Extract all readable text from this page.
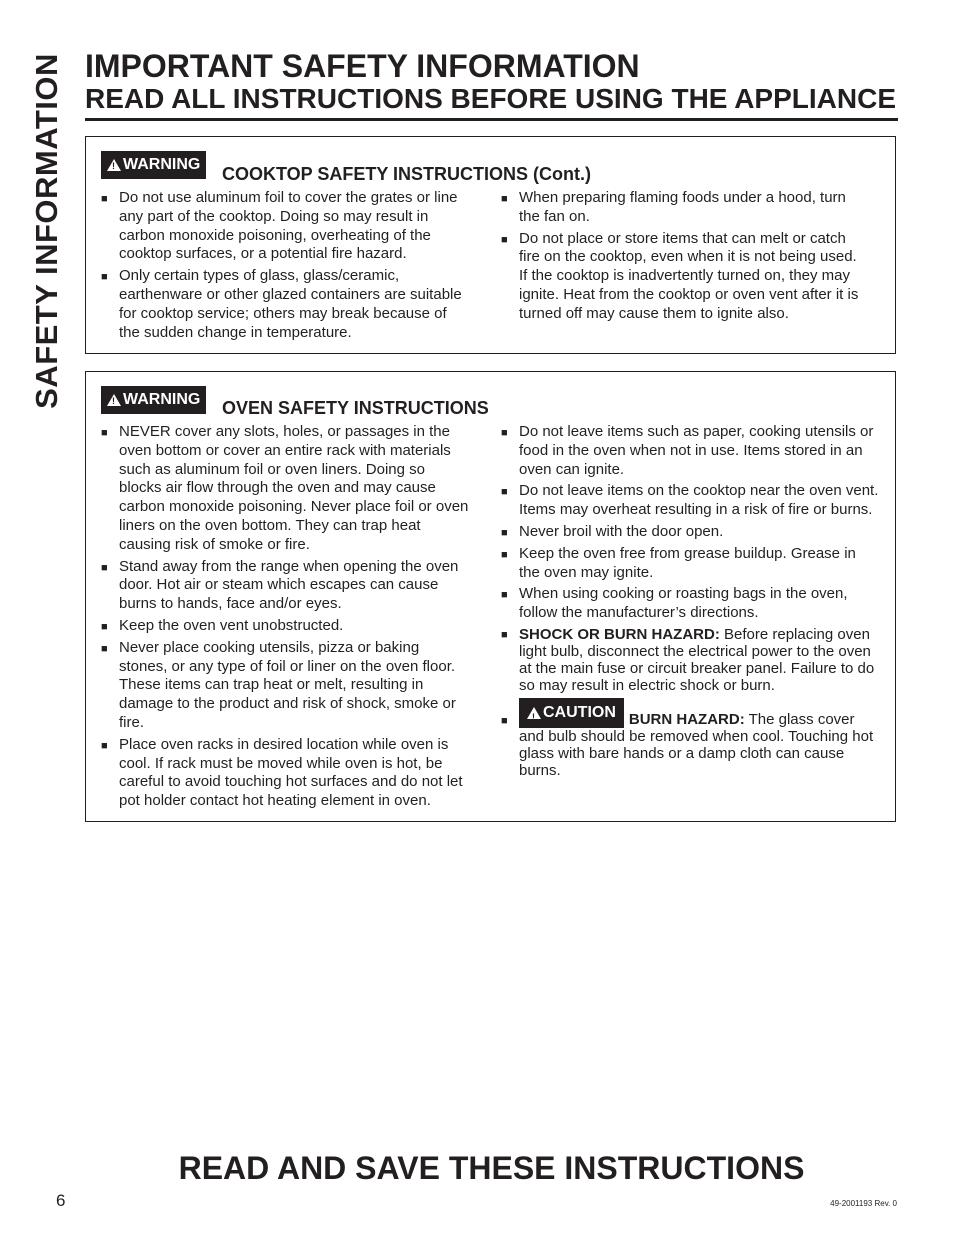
SAFETY INFORMATION IMPORTANT SAFETY INFORMATION
READ ALL INSTRUCTIONS BEFORE USING THE APPLIANCE
!
WARNING COOKTOP SAFETY INSTRUCTIONS (Cont.)
■ Do not use aluminum foil to cover the grates or line any part of the cooktop. Doing so may result in carbon monoxide poisoning, overheating of the cooktop surfaces, or a potential fire hazard.
■ Only certain types of glass, glass/ceramic, earthenware or other glazed containers are suitable for cooktop service; others may break because of the sudden change in temperature.
■ When preparing flaming foods under a hood, turn the fan on.
■ Do not place or store items that can melt or catch fire on the cooktop, even when it is not being used. If the cooktop is inadvertently turned on, they may ignite. Heat from the cooktop or oven vent after it is turned off may cause them to ignite also.
!
WARNING OVEN SAFETY INSTRUCTIONS
■ NEVER cover any slots, holes, or passages in the oven bottom or cover an entire rack with materials such as aluminum foil or oven liners. Doing so blocks air flow through the oven and may cause carbon monoxide poisoning. Never place foil or oven liners on the oven bottom. They can trap heat causing risk of smoke or fire.
■ Stand away from the range when opening the oven door. Hot air or steam which escapes can cause burns to hands, face and/or eyes.
■ Keep the oven vent unobstructed.
■ Never place cooking utensils, pizza or baking stones, or any type of foil or liner on the oven floor. These items can trap heat or melt, resulting in damage to the product and risk of shock, smoke or fire.
■ Place oven racks in desired location while oven is cool. If rack must be moved while oven is hot, be careful to avoid touching hot surfaces and do not let pot holder contact hot heating element in oven.
■ Do not leave items such as paper, cooking utensils or food in the oven when not in use. Items stored in an oven can ignite.
■ Do not leave items on the cooktop near the oven vent. Items may overheat resulting in a risk of fire or burns.
■ Never broil with the door open.
■ Keep the oven free from grease buildup. Grease in the oven may ignite.
■ When using cooking or roasting bags in the oven, follow the manufacturer’s directions.
■ SHOCK OR BURN HAZARD: Before replacing oven light bulb, disconnect the electrical power to the oven at the main fuse or circuit breaker panel. Failure to do so may result in electric shock or burn.
■
! CAUTION BURN HAZARD: The glass cover and bulb should be removed when cool. Touching hot glass with bare hands or a damp cloth can cause burns.
READ AND SAVE THESE INSTRUCTIONS
6	49-2001193 Rev. 0
